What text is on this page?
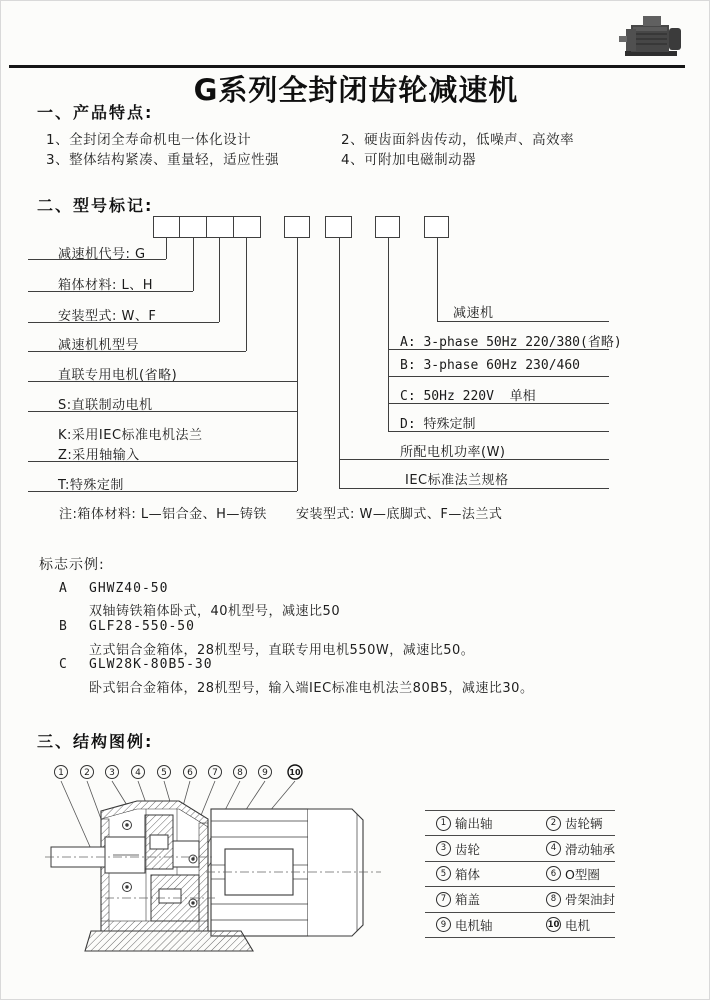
G系列全封闭齿轮减速机
一、产品特点:
1、全封闭全寿命机电一体化设计	2、硬齿面斜齿传动，低噪声、高效率
3、整体结构紧凑、重量轻，适应性强	4、可附加电磁制动器
二、型号标记:
减速机代号: G
箱体材料: L、H
安装型式: W、F
减速机机型号
直联专用电机(省略)
S:直联制动电机
K:采用IEC标准电机法兰
Z:采用轴输入
T:特殊定制
减速机
A: 3-phase 50Hz 220/380(省略)
B: 3-phase 60Hz 230/460
C: 50Hz 220V  单相
D: 特殊定制
所配电机功率(W)
IEC标准法兰规格
注:箱体材料: L—铝合金、H—铸铁 安装型式: W—底脚式、F—法兰式
标志示例:
A GHWZ40-50
双轴铸铁箱体卧式，40机型号，减速比50
B GLF28-550-50
立式铝合金箱体，28机型号，直联专用电机550W，减速比50。
C GLW28K-80B5-30
卧式铝合金箱体，28机型号，输入端IEC标准电机法兰80B5，减速比30。
三、结构图例:
1 2 3 4 5 6 7 8 9	10
1 输出轴	2 齿轮辆
3 齿轮	4 滑动轴承
5 箱体	6 O型圈
7 箱盖	8 骨架油封
9 电机轴	10 电机
